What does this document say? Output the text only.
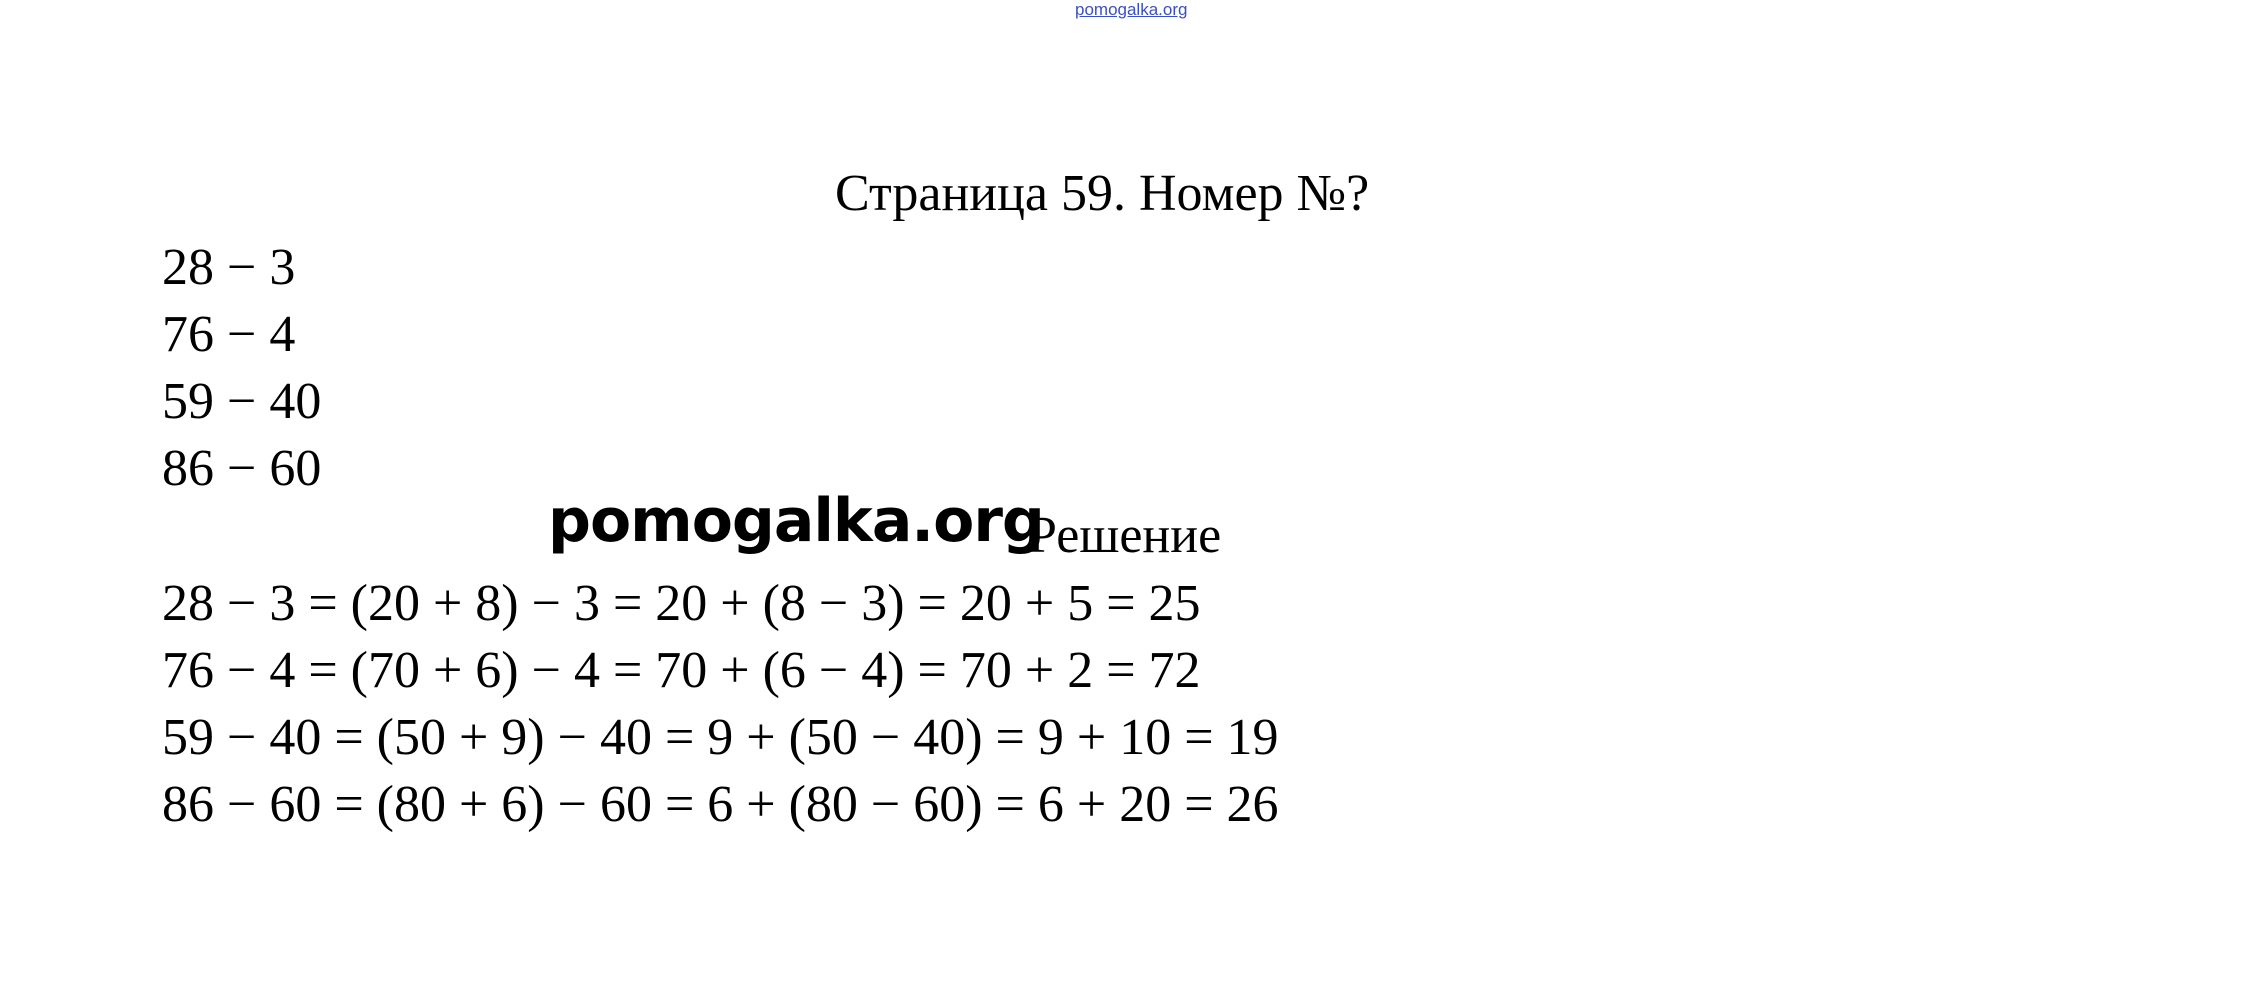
pomogalka.org
Страница 59. Номер №?
28 − 3
76 − 4
59 − 40
86 − 60
pomogalka.org
Решение
28 − 3 = (20 + 8) − 3 = 20 + (8 − 3) = 20 + 5 = 25
76 − 4 = (70 + 6) − 4 = 70 + (6 − 4) = 70 + 2 = 72
59 − 40 = (50 + 9) − 40 = 9 + (50 − 40) = 9 + 10 = 19
86 − 60 = (80 + 6) − 60 = 6 + (80 − 60) = 6 + 20 = 26
